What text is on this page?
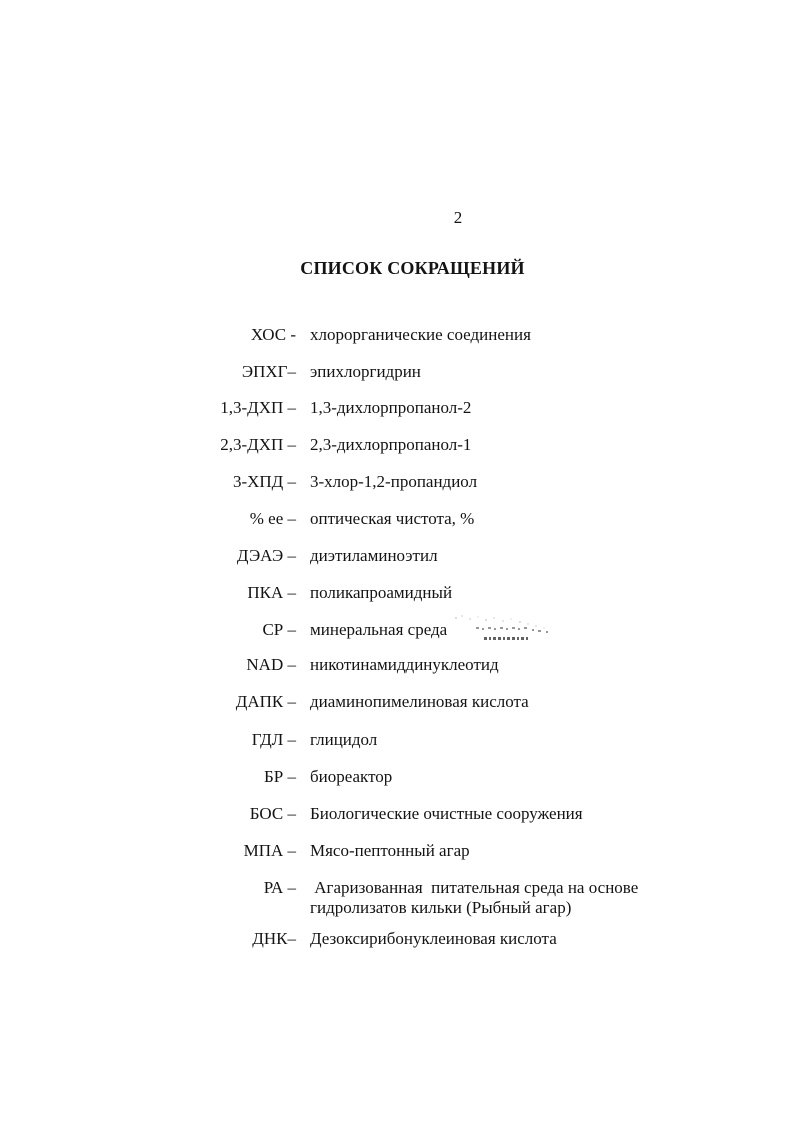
2
СПИСОК СОКРАЩЕНИЙ
ХОС - хлорорганические соединения
ЭПХГ– эпихлоргидрин
1,3-ДХП – 1,3-дихлорпропанол-2
2,3-ДХП – 2,3-дихлорпропанол-1
3-ХПД – 3-хлор-1,2-пропандиол
% ee – оптическая чистота, %
ДЭАЭ – диэтиламиноэтил
ПКА – поликапроамидный
СР – минеральная среда
NAD – никотинамиддинуклеотид
ДАПК – диаминопимелиновая кислота
ГДЛ – глицидол
БР – биореактор
БОС – Биологические очистные сооружения
МПА – Мясо-пептонный агар
РА – Агаризованная  питательная среда на основе
гидролизатов кильки (Рыбный агар)
ДНК– Дезоксирибонуклеиновая кислота
